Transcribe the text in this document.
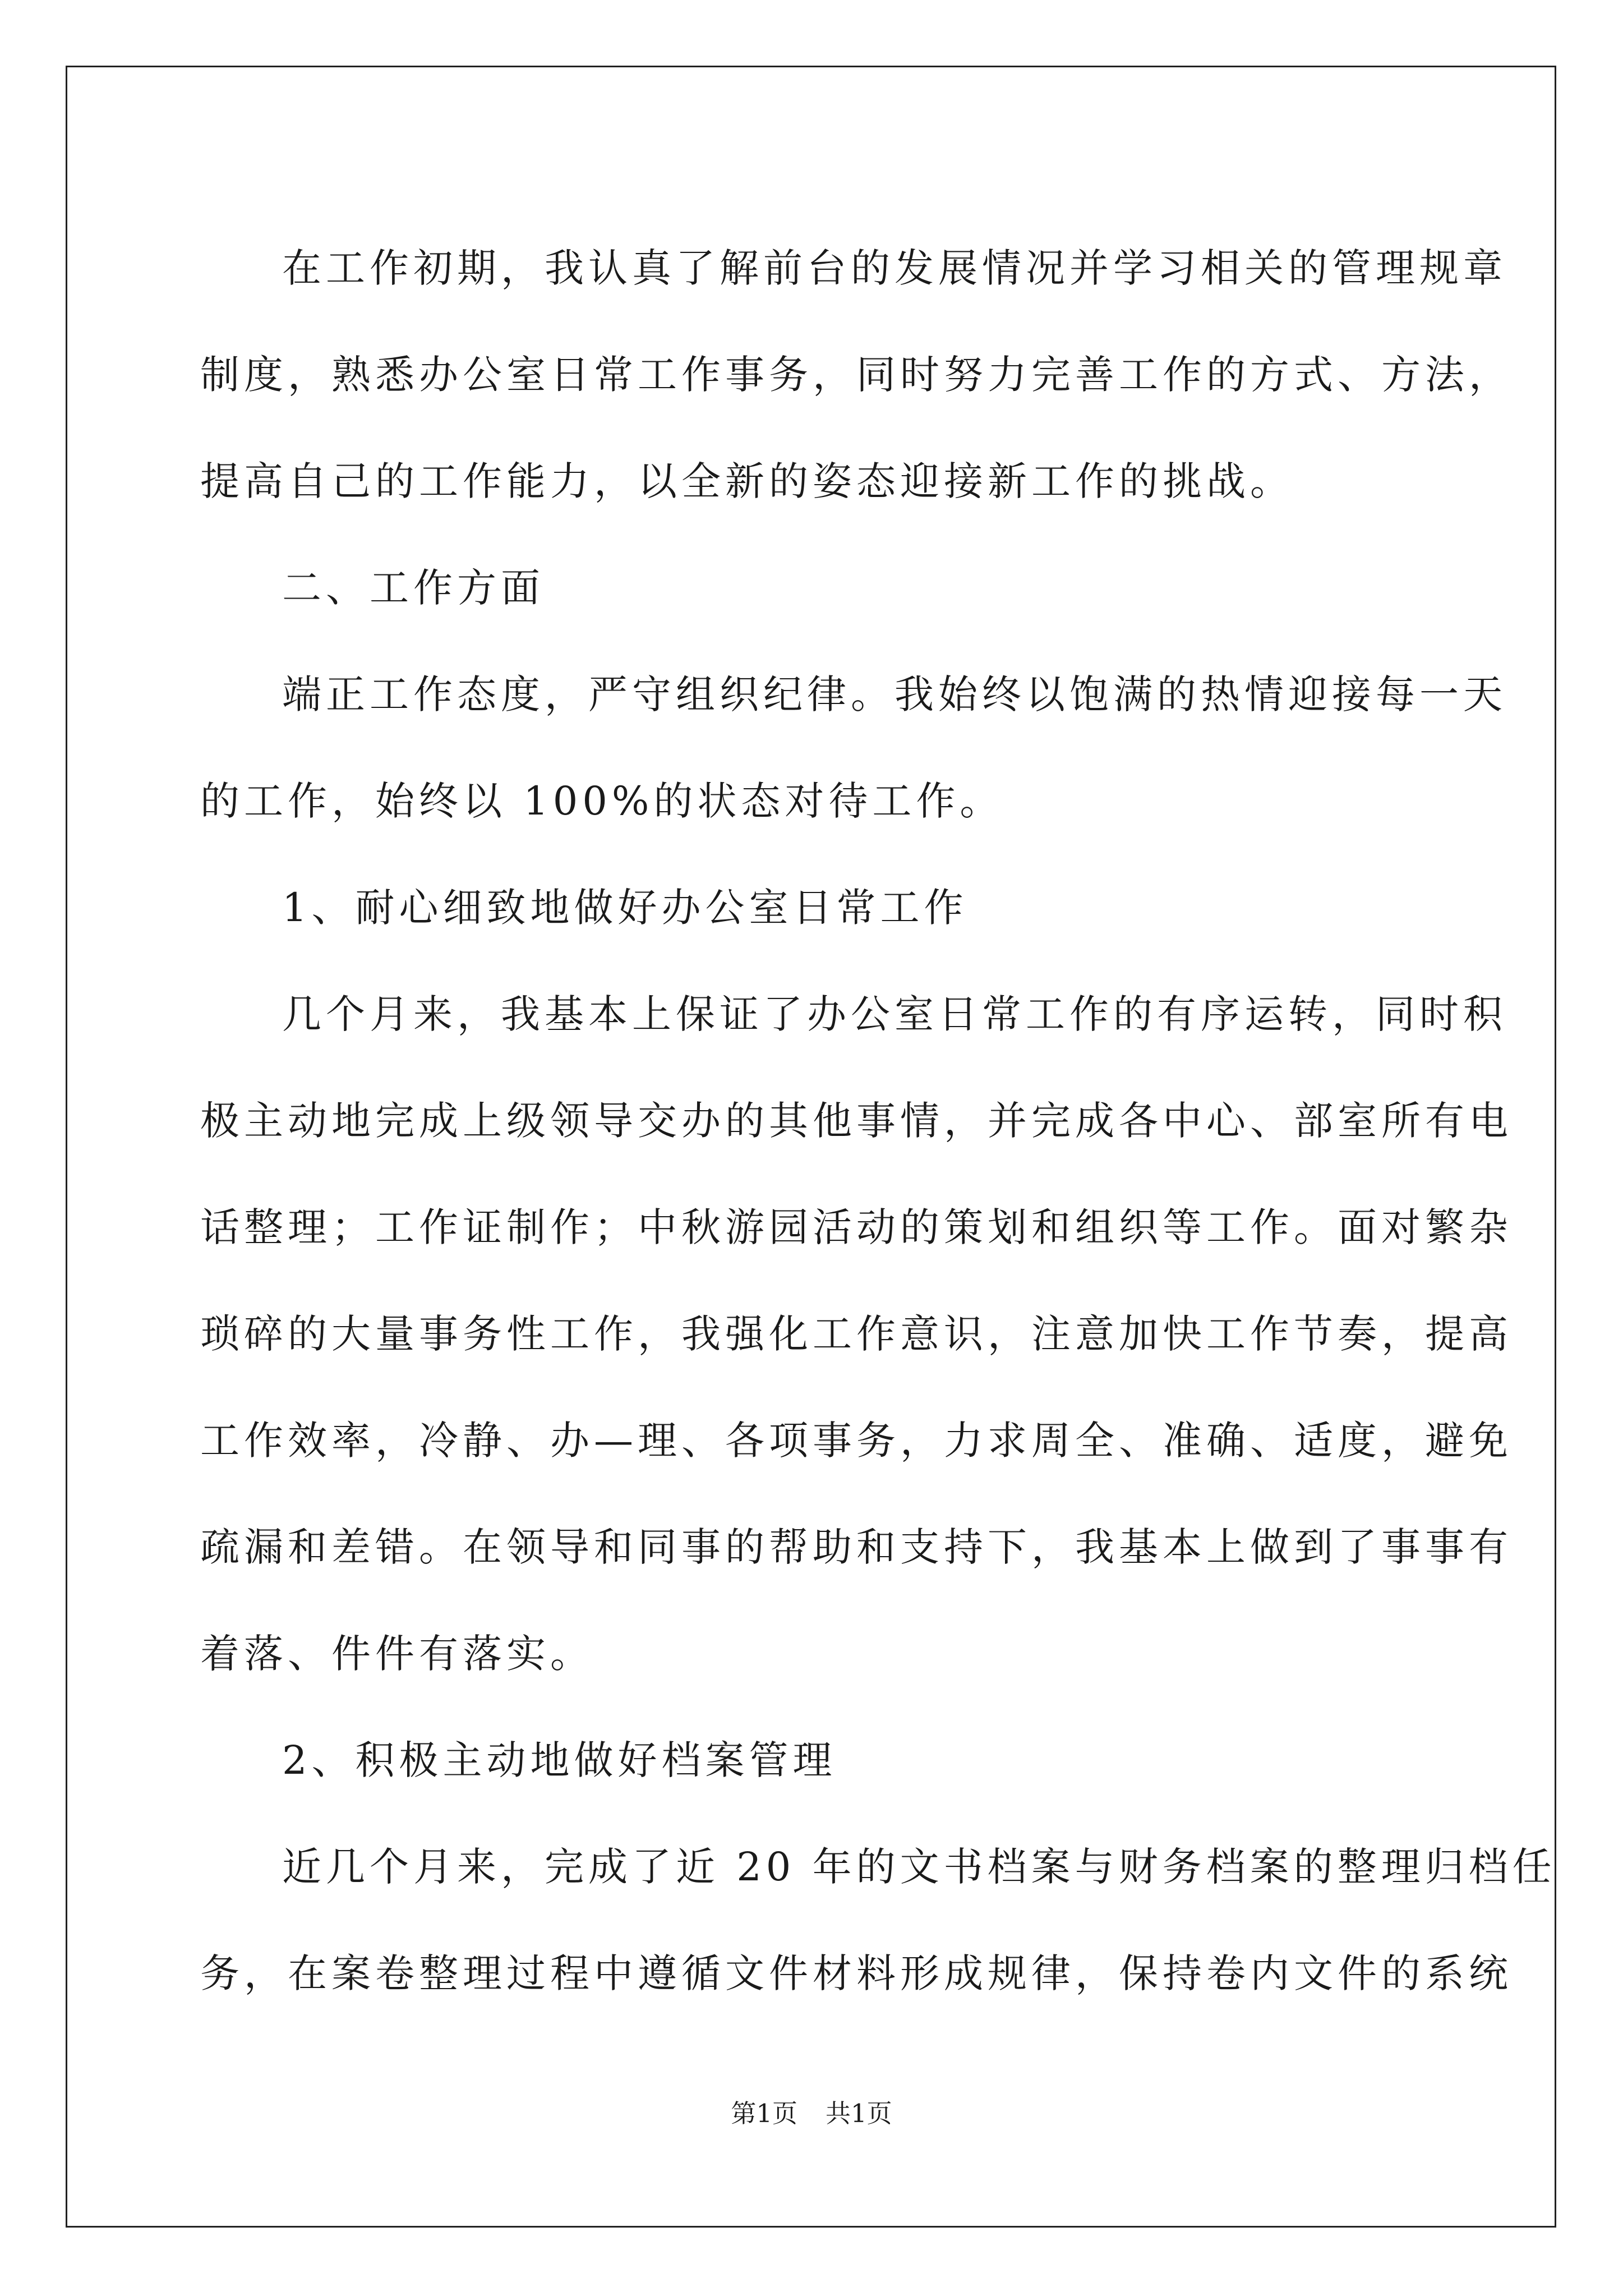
在工作初期，我认真了解前台的发展情况并学习相关的管理规章
制度，熟悉办公室日常工作事务，同时努力完善工作的方式、方法，
提高自己的工作能力，以全新的姿态迎接新工作的挑战。
二、工作方面
端正工作态度，严守组织纪律。我始终以饱满的热情迎接每一天
的工作，始终以 100%的状态对待工作。
1、耐心细致地做好办公室日常工作
几个月来，我基本上保证了办公室日常工作的有序运转，同时积
极主动地完成上级领导交办的其他事情，并完成各中心、部室所有电
话整理；工作证制作；中秋游园活动的策划和组织等工作。面对繁杂
琐碎的大量事务性工作，我强化工作意识，注意加快工作节奏，提高
工作效率，冷静、办—理、各项事务，力求周全、准确、适度，避免
疏漏和差错。在领导和同事的帮助和支持下，我基本上做到了事事有
着落、件件有落实。
2、积极主动地做好档案管理
近几个月来，完成了近 20 年的文书档案与财务档案的整理归档任
务，在案卷整理过程中遵循文件材料形成规律，保持卷内文件的系统
第1页 共1页
